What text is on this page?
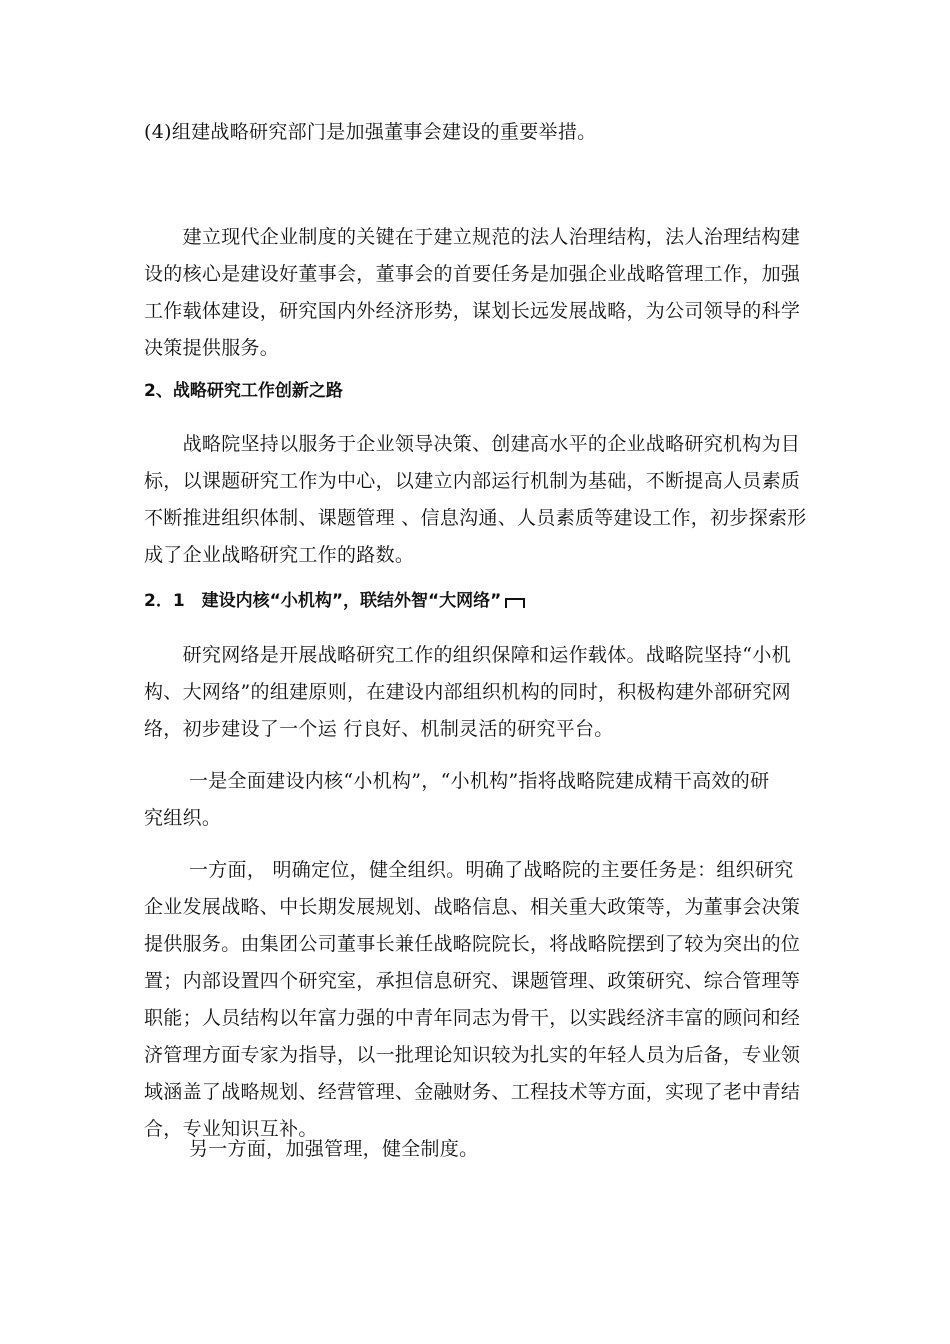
(4)组建战略研究部门是加强董事会建设的重要举措。

　　建立现代企业制度的关键在于建立规范的法人治理结构，法人治理结构建
设的核心是建设好董事会，董事会的首要任务是加强企业战略管理工作，加强
工作载体建设，研究国内外经济形势，谋划长远发展战略，为公司领导的科学
决策提供服务。

2、战略研究工作创新之路

　　战略院坚持以服务于企业领导决策、创建高水平的企业战略研究机构为目
标，以课题研究工作为中心，以建立内部运行机制为基础，不断提高人员素质
不断推进组织体制、课题管理 、信息沟通、人员素质等建设工作，初步探索形
成了企业战略研究工作的路数。

2．1　建设内核“小机构”，联结外智“大网络”

　　研究网络是开展战略研究工作的组织保障和运作载体。战略院坚持“小机
构、大网络”的组建原则，在建设内部组织机构的同时，积极构建外部研究网
络，初步建设了一个运 行良好、机制灵活的研究平台。
　　 一是全面建设内核“小机构”，“小机构”指将战略院建成精干高效的研
究组织。
　　 一方面， 明确定位，健全组织。明确了战略院的主要任务是：组织研究
企业发展战略、中长期发展规划、战略信息、相关重大政策等，为董事会决策
提供服务。由集团公司董事长兼任战略院院长，将战略院摆到了较为突出的位
置；内部设置四个研究室，承担信息研究、课题管理、政策研究、综合管理等
职能；人员结构以年富力强的中青年同志为骨干，以实践经济丰富的顾问和经
济管理方面专家为指导，以一批理论知识较为扎实的年轻人员为后备，专业领
域涵盖了战略规划、经营管理、金融财务、工程技术等方面，实现了老中青结
合，专业知识互补。

　　 另一方面，加强管理，健全制度。
